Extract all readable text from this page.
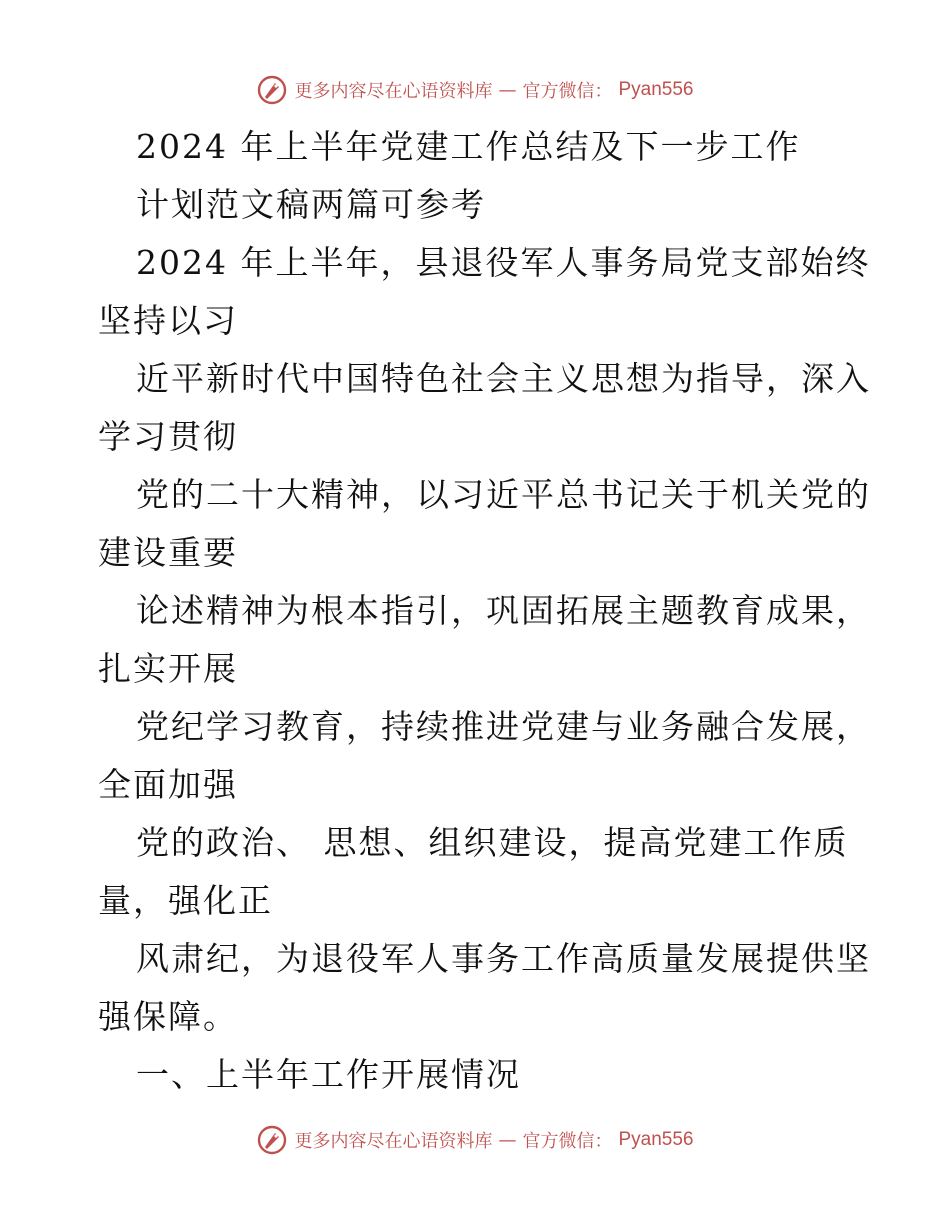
更多内容尽在心语资料库 — 官方微信： Pyan556
2024 年上半年党建工作总结及下一步工作
计划范文稿两篇可参考
2024 年上半年，县退役军人事务局党支部始终
坚持以习
近平新时代中国特色社会主义思想为指导，深入
学习贯彻
党的二十大精神，以习近平总书记关于机关党的
建设重要
论述精神为根本指引，巩固拓展主题教育成果，
扎实开展
党纪学习教育，持续推进党建与业务融合发展，
全面加强
党的政治、 思想、组织建设，提高党建工作质
量，强化正
风肃纪，为退役军人事务工作高质量发展提供坚
强保障。
一、上半年工作开展情况
更多内容尽在心语资料库 — 官方微信： Pyan556
